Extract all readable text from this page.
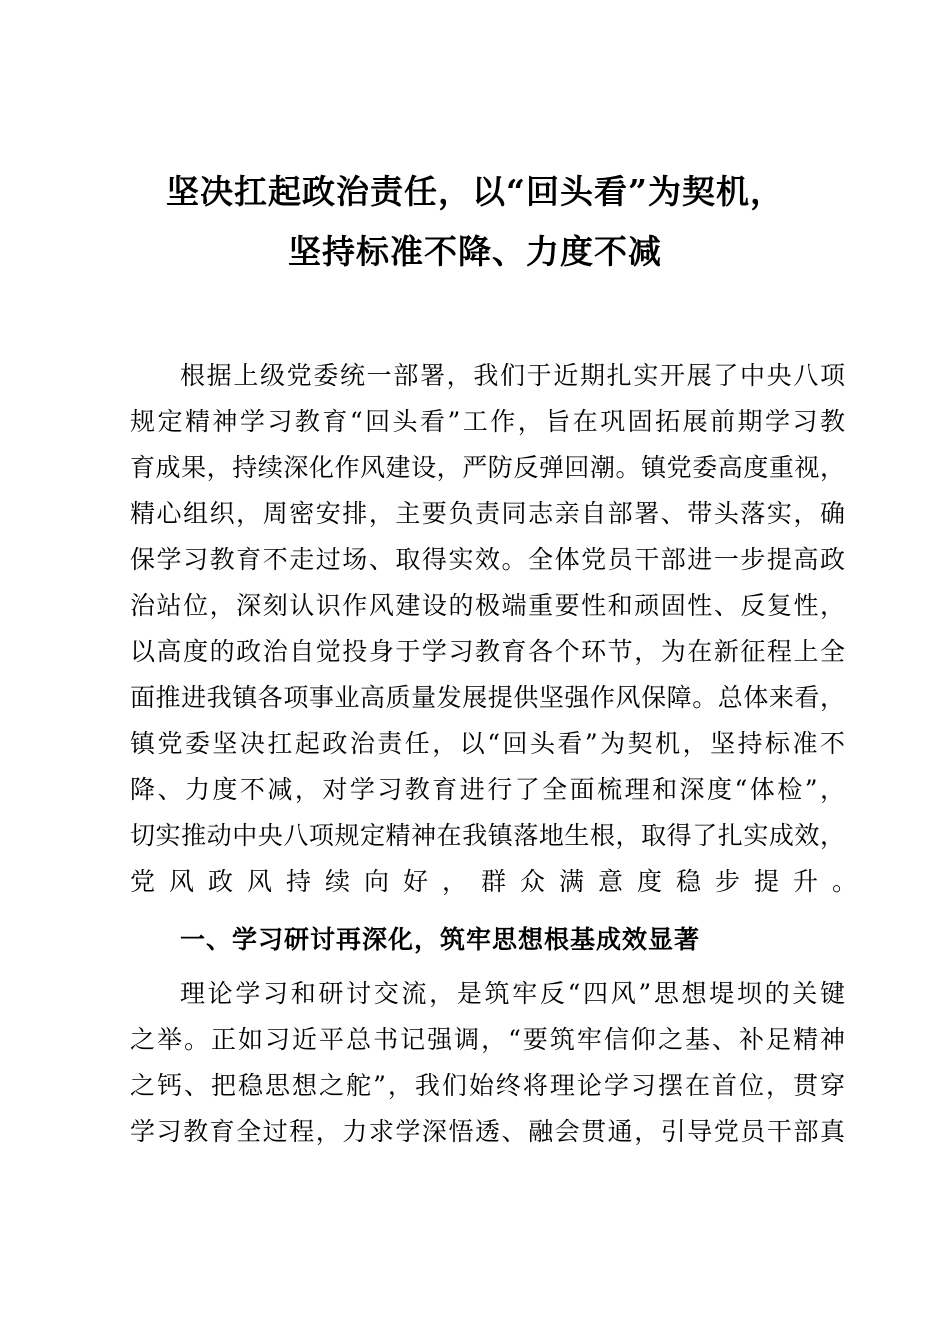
坚决扛起政治责任，以“回头看”为契机，
坚持标准不降、力度不减
根据上级党委统一部署，我们于近期扎实开展了中央八项
规定精神学习教育“回头看”工作，旨在巩固拓展前期学习教
育成果，持续深化作风建设，严防反弹回潮。镇党委高度重视，
精心组织，周密安排，主要负责同志亲自部署、带头落实，确
保学习教育不走过场、取得实效。全体党员干部进一步提高政
治站位，深刻认识作风建设的极端重要性和顽固性、反复性，
以高度的政治自觉投身于学习教育各个环节，为在新征程上全
面推进我镇各项事业高质量发展提供坚强作风保障。总体来看，
镇党委坚决扛起政治责任，以“回头看”为契机，坚持标准不
降、力度不减，对学习教育进行了全面梳理和深度“体检”，
切实推动中央八项规定精神在我镇落地生根，取得了扎实成效，
党风政风持续向好，群众满意度稳步提升。
一、学习研讨再深化，筑牢思想根基成效显著
理论学习和研讨交流，是筑牢反“四风”思想堤坝的关键
之举。正如习近平总书记强调，“要筑牢信仰之基、补足精神
之钙、把稳思想之舵”，我们始终将理论学习摆在首位，贯穿
学习教育全过程，力求学深悟透、融会贯通，引导党员干部真
